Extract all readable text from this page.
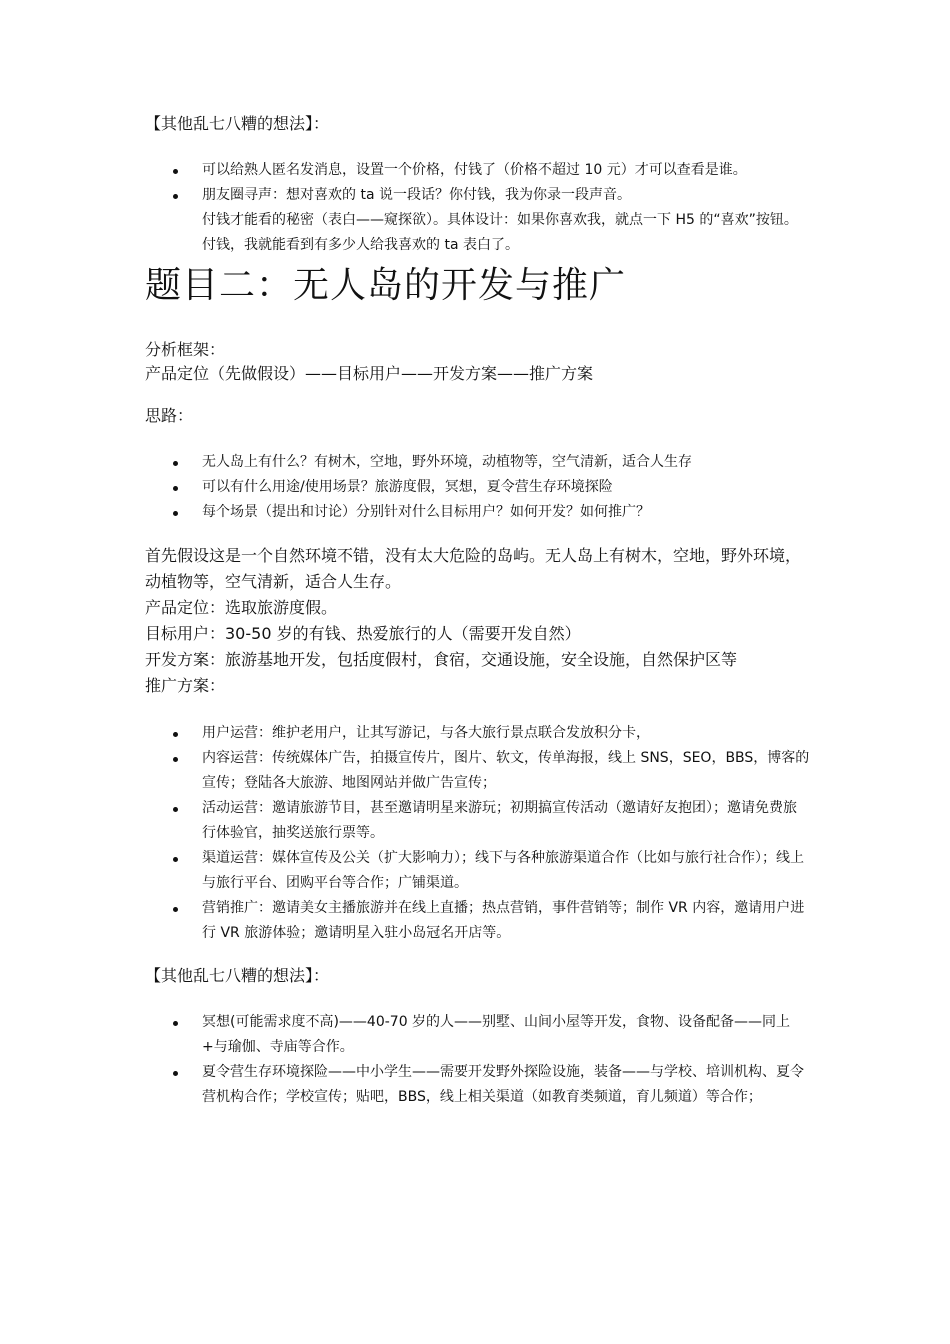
【其他乱七八糟的想法】：

可以给熟人匿名发消息，设置一个价格，付钱了（价格不超过 10 元）才可以查看是谁。
朋友圈寻声：想对喜欢的 ta 说一段话？你付钱，我为你录一段声音。
付钱才能看的秘密（表白——窥探欲）。具体设计：如果你喜欢我，就点一下 H5 的“喜欢”按钮。付钱，我就能看到有多少人给我喜欢的 ta 表白了。
题目二：无人岛的开发与推广

分析框架：

产品定位（先做假设）——目标用户——开发方案——推广方案

思路：

无人岛上有什么？有树木，空地，野外环境，动植物等，空气清新，适合人生存
可以有什么用途/使用场景？旅游度假，冥想，夏令营生存环境探险
每个场景（提出和讨论）分别针对什么目标用户？如何开发？如何推广？

首先假设这是一个自然环境不错，没有太大危险的岛屿。无人岛上有树木，空地，野外环境，动植物等，空气清新，适合人生存。

产品定位：选取旅游度假。

目标用户：30-50 岁的有钱、热爱旅行的人（需要开发自然）

开发方案：旅游基地开发，包括度假村，食宿，交通设施，安全设施，自然保护区等

推广方案：

用户运营：维护老用户，让其写游记，与各大旅行景点联合发放积分卡，
内容运营：传统媒体广告，拍摄宣传片，图片、软文，传单海报，线上 SNS，SEO，BBS，博客的宣传；登陆各大旅游、地图网站并做广告宣传；
活动运营：邀请旅游节目，甚至邀请明星来游玩；初期搞宣传活动（邀请好友抱团）；邀请免费旅行体验官，抽奖送旅行票等。
渠道运营：媒体宣传及公关（扩大影响力）；线下与各种旅游渠道合作（比如与旅行社合作）；线上与旅行平台、团购平台等合作；广铺渠道。
营销推广：邀请美女主播旅游并在线上直播；热点营销，事件营销等；制作 VR 内容，邀请用户进行 VR 旅游体验；邀请明星入驻小岛冠名开店等。

【其他乱七八糟的想法】：

冥想(可能需求度不高)——40-70 岁的人——别墅、山间小屋等开发，食物、设备配备——同上+与瑜伽、寺庙等合作。
夏令营生存环境探险——中小学生——需要开发野外探险设施，装备——与学校、培训机构、夏令营机构合作；学校宣传；贴吧，BBS，线上相关渠道（如教育类频道，育儿频道）等合作；
